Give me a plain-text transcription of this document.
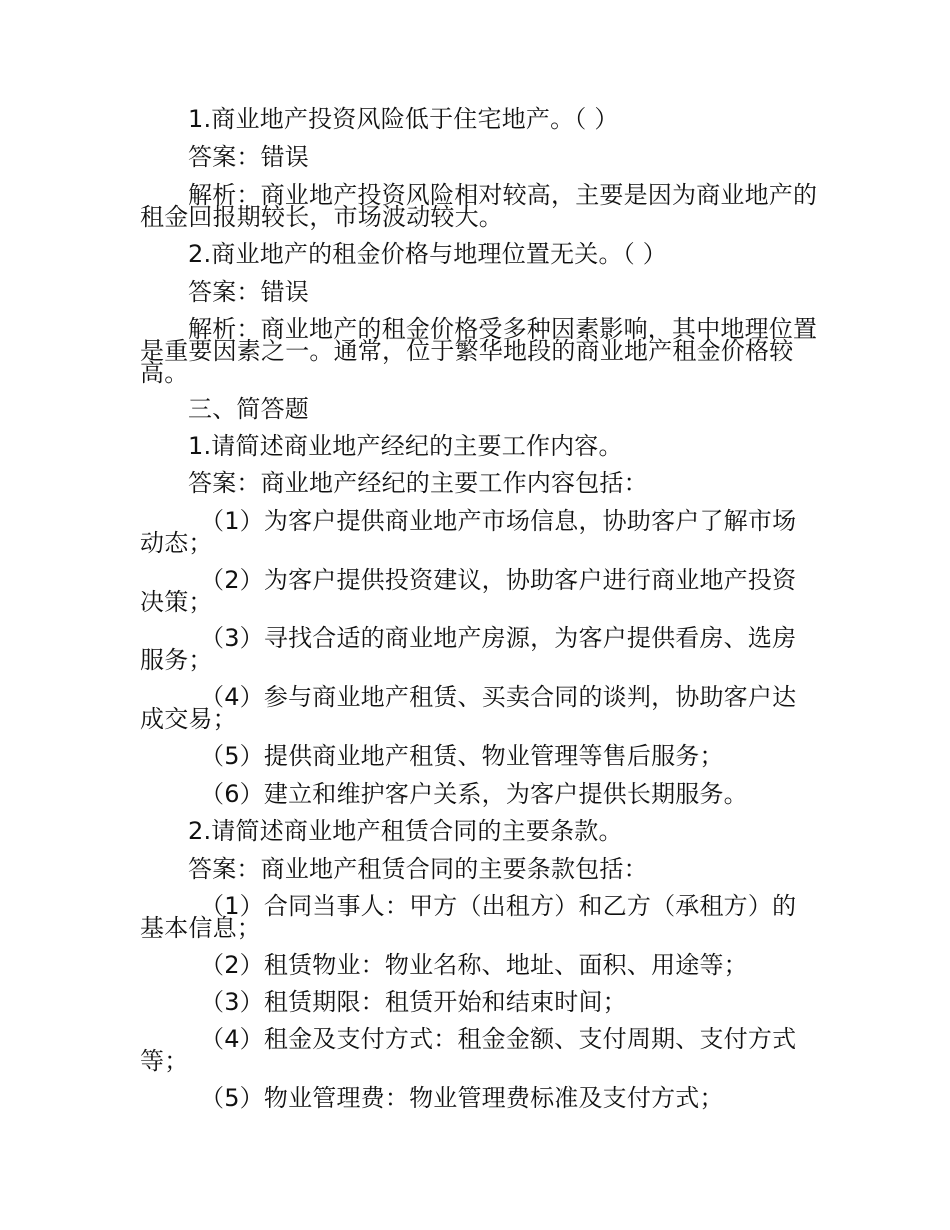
1.商业地产投资风险低于住宅地产。（ ）
答案：错误
解析：商业地产投资风险相对较高，主要是因为商业地产的租金回报期较长，市场波动较大。
2.商业地产的租金价格与地理位置无关。（ ）
答案：错误
解析：商业地产的租金价格受多种因素影响，其中地理位置是重要因素之一。通常，位于繁华地段的商业地产租金价格较高。
三、简答题
1.请简述商业地产经纪的主要工作内容。
答案：商业地产经纪的主要工作内容包括：
（1）为客户提供商业地产市场信息，协助客户了解市场动态；
（2）为客户提供投资建议，协助客户进行商业地产投资决策；
（3）寻找合适的商业地产房源，为客户提供看房、选房服务；
（4）参与商业地产租赁、买卖合同的谈判，协助客户达成交易；
（5）提供商业地产租赁、物业管理等售后服务；
（6）建立和维护客户关系，为客户提供长期服务。
2.请简述商业地产租赁合同的主要条款。
答案：商业地产租赁合同的主要条款包括：
（1）合同当事人：甲方（出租方）和乙方（承租方）的基本信息；
（2）租赁物业：物业名称、地址、面积、用途等；
（3）租赁期限：租赁开始和结束时间；
（4）租金及支付方式：租金金额、支付周期、支付方式等；
（5）物业管理费：物业管理费标准及支付方式；
